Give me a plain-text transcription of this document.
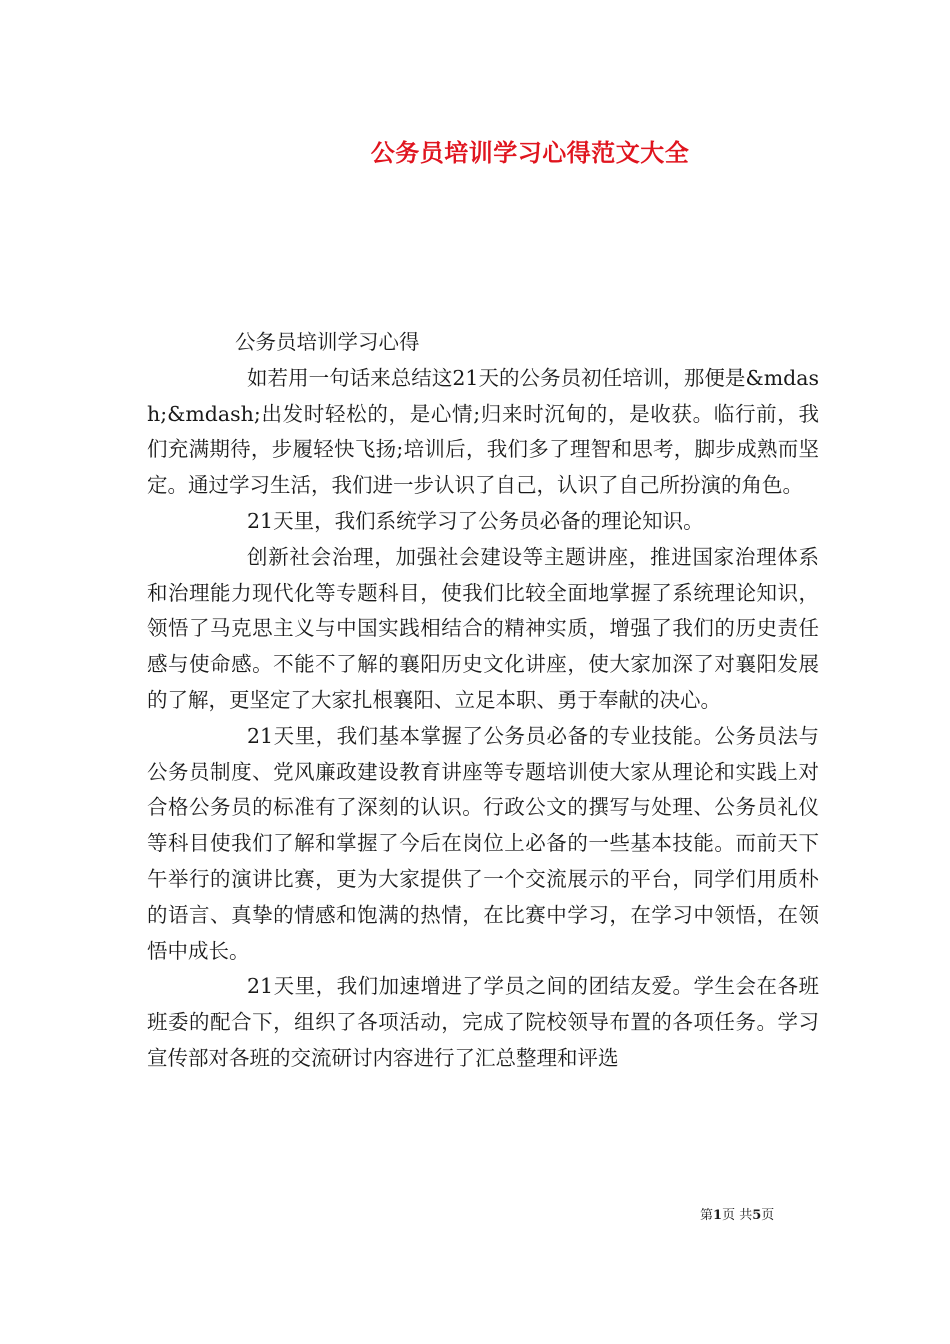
公务员培训学习心得范文大全

公务员培训学习心得

如若用一句话来总结这21天的公务员初任培训，那便是&mdash;&mdash;出发时轻松的，是心情;归来时沉甸的，是收获。临行前，我们充满期待，步履轻快飞扬;培训后，我们多了理智和思考，脚步成熟而坚定。通过学习生活，我们进一步认识了自己，认识了自己所扮演的角色。

21天里，我们系统学习了公务员必备的理论知识。

创新社会治理，加强社会建设等主题讲座，推进国家治理体系和治理能力现代化等专题科目，使我们比较全面地掌握了系统理论知识，领悟了马克思主义与中国实践相结合的精神实质，增强了我们的历史责任感与使命感。不能不了解的襄阳历史文化讲座，使大家加深了对襄阳发展的了解，更坚定了大家扎根襄阳、立足本职、勇于奉献的决心。

21天里，我们基本掌握了公务员必备的专业技能。公务员法与公务员制度、党风廉政建设教育讲座等专题培训使大家从理论和实践上对合格公务员的标准有了深刻的认识。行政公文的撰写与处理、公务员礼仪等科目使我们了解和掌握了今后在岗位上必备的一些基本技能。而前天下午举行的演讲比赛，更为大家提供了一个交流展示的平台，同学们用质朴的语言、真挚的情感和饱满的热情，在比赛中学习，在学习中领悟，在领悟中成长。

21天里，我们加速增进了学员之间的团结友爱。学生会在各班班委的配合下，组织了各项活动，完成了院校领导布置的各项任务。学习宣传部对各班的交流研讨内容进行了汇总整理和评选

第1页 共5页
